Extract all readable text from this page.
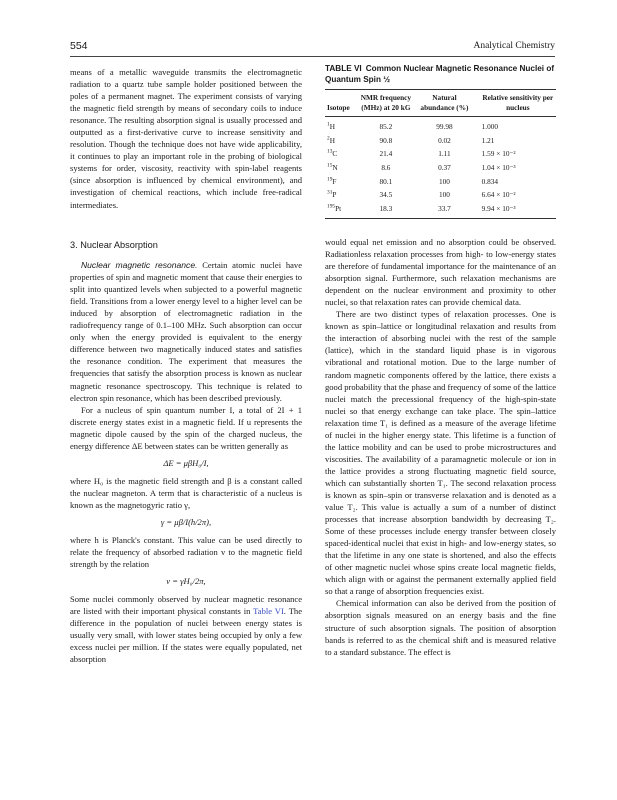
554	Analytical Chemistry

means of a metallic waveguide transmits the electromagnetic radiation to a quartz tube sample holder positioned between the poles of a permanent magnet. The experiment consists of varying the magnetic field strength by means of secondary coils to induce resonance. The resulting absorption signal is usually processed and outputted as a first-derivative curve to increase sensitivity and resolution. Though the technique does not have wide applicability, it continues to play an important role in the probing of biological systems for order, viscosity, reactivity with spin-label reagents (since absorption is influenced by chemical environment), and investigation of chemical reactions, which include free-radical intermediates.

3. Nuclear Absorption

Nuclear magnetic resonance. Certain atomic nuclei have properties of spin and magnetic moment that cause their energies to split into quantized levels when subjected to a powerful magnetic field. Transitions from a lower energy level to a higher level can be induced by absorption of electromagnetic radiation in the radiofrequency range of 0.1–100 MHz. Such absorption can occur only when the energy provided is equivalent to the energy difference between two magnetically induced states and satisfies the resonance condition. The experiment that measures the frequencies that satisfy the absorption process is known as nuclear magnetic resonance spectroscopy. This technique is related to electron spin resonance, which has been described previously.

For a nucleus of spin quantum number I, a total of 2I + 1 discrete energy states exist in a magnetic field. If u represents the magnetic dipole caused by the spin of the charged nucleus, the energy difference ΔE between states can be written generally as

ΔE = μβH₀/I,

where H₀ is the magnetic field strength and β is a constant called the nuclear magneton. A term that is characteristic of a nucleus is known as the magnetogyric ratio γ,

γ = μβ/I(h/2π),

where h is Planck's constant. This value can be used directly to relate the frequency of absorbed radiation v to the magnetic field strength by the relation

v = γH₀/2π,

Some nuclei commonly observed by nuclear magnetic resonance are listed with their important physical constants in Table VI. The difference in the population of nuclei between energy states is usually very small, with lower states being occupied by only a few excess nuclei per million. If the states were equally populated, net absorption

TABLE VI Common Nuclear Magnetic Resonance Nuclei of Quantum Spin ½
Isotope	NMR frequency (MHz) at 20 kG	Natural abundance (%)	Relative sensitivity per nucleus
$^1$H	85.2	99.98	1.000
$^2$H	90.8	0.02	1.21
$^{13}$C	21.4	1.11	1.59 × 10⁻²
$^{15}$N	8.6	0.37	1.04 × 10⁻³
$^{19}$F	80.1	100	0.834
$^{31}$P	34.5	100	6.64 × 10⁻²
$^{195}$Pt	18.3	33.7	9.94 × 10⁻³

would equal net emission and no absorption could be observed. Radiationless relaxation processes from high- to low-energy states are therefore of fundamental importance for the maintenance of an absorption signal. Furthermore, such relaxation mechanisms are dependent on the nuclear environment and proximity to other nuclei, so that relaxation rates can provide chemical data.

There are two distinct types of relaxation processes. One is known as spin–lattice or longitudinal relaxation and results from the interaction of absorbing nuclei with the rest of the sample (lattice), which in the standard liquid phase is in vigorous vibrational and rotational motion. Due to the large number of random magnetic components offered by the lattice, there exists a good probability that the phase and frequency of some of the lattice nuclei match the precessional frequency of the high-spin-state nuclei so that energy exchange can take place. The spin–lattice relaxation time T₁ is defined as a measure of the average lifetime of nuclei in the higher energy state. This lifetime is a function of the lattice mobility and can be used to probe microstructures and viscosities. The availability of a paramagnetic molecule or ion in the lattice provides a strong fluctuating magnetic field source, which can substantially shorten T₁. The second relaxation process is known as spin–spin or transverse relaxation and is denoted as a value T₂. This value is actually a sum of a number of distinct processes that increase absorption bandwidth by decreasing T₂. Some of these processes include energy transfer between closely spaced-identical nuclei that exist in high- and low-energy states, so that the lifetime in any one state is shortened, and also the effects of other magnetic nuclei whose spins create local magnetic fields, which align with or against the permanent externally applied field so that a range of absorption frequencies exist.

Chemical information can also be derived from the position of absorption signals measured on an energy basis and the fine structure of such absorption signals. The position of absorption bands is referred to as the chemical shift and is measured relative to a standard substance. The effect is
